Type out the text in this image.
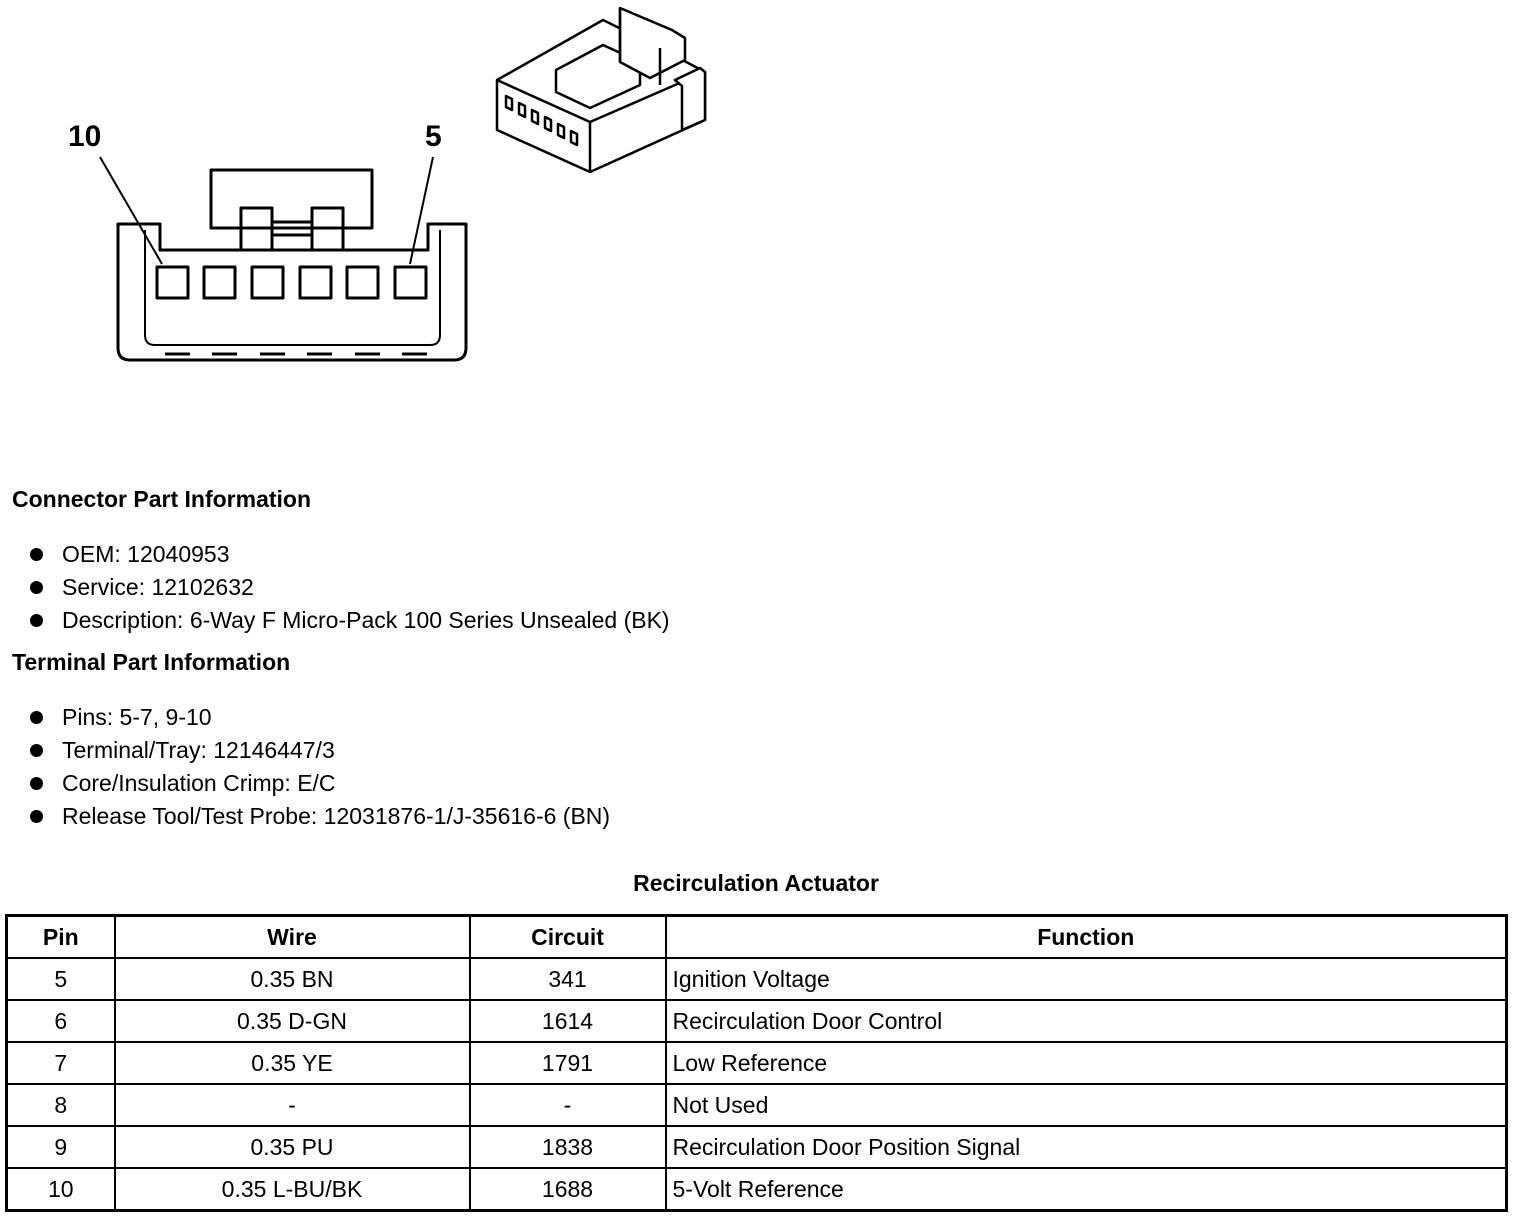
10	5
Connector Part Information
OEM: 12040953
Service: 12102632
Description: 6-Way F Micro-Pack 100 Series Unsealed (BK)
Terminal Part Information
Pins: 5-7, 9-10
Terminal/Tray: 12146447/3
Core/Insulation Crimp: E/C
Release Tool/Test Probe: 12031876-1/J-35616-6 (BN)
Recirculation Actuator
Pin	Wire	Circuit	Function
5	0.35 BN	341	Ignition Voltage
6	0.35 D-GN	1614	Recirculation Door Control
7	0.35 YE	1791	Low Reference
8	-	-	Not Used
9	0.35 PU	1838	Recirculation Door Position Signal
10	0.35 L-BU/BK	1688	5-Volt Reference
